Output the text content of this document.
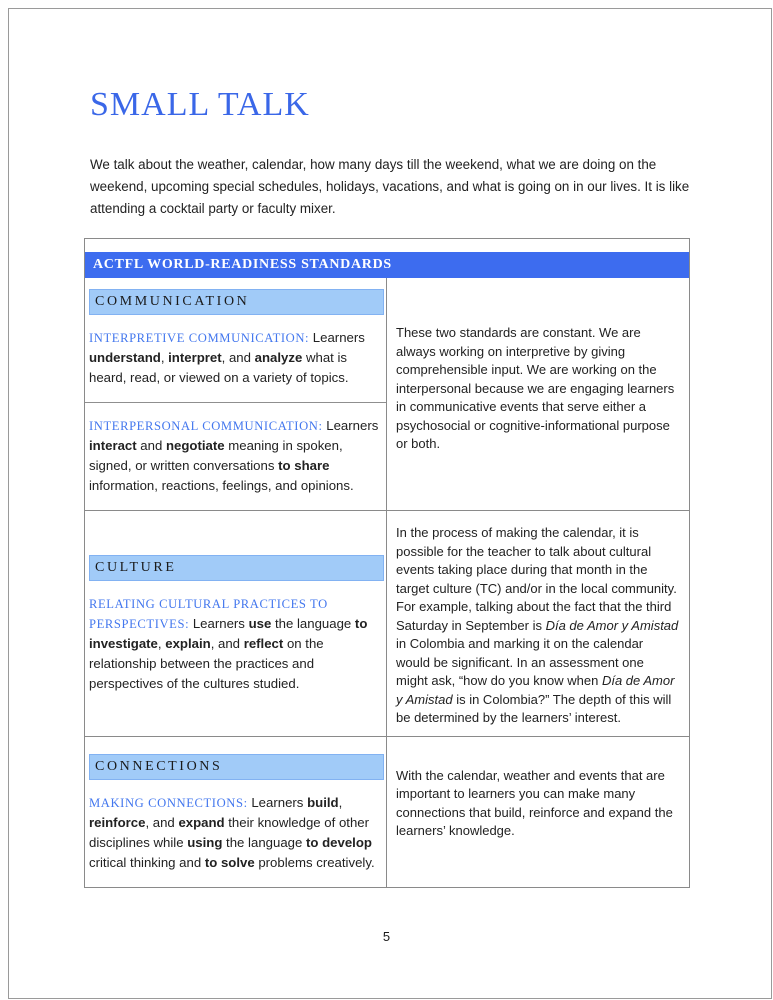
SMALL TALK

We talk about the weather, calendar, how many days till the weekend, what we are doing on the weekend, upcoming special schedules, holidays, vacations, and what is going on in our lives. It is like attending a cocktail party or faculty mixer.

ACTFL WORLD-READINESS STANDARDS
COMMUNICATION

INTERPRETIVE COMMUNICATION: Learners understand, interpret, and analyze what is heard, read, or viewed on a variety of topics.

INTERPERSONAL COMMUNICATION: Learners interact and negotiate meaning in spoken, signed, or written conversations to share information, reactions, feelings, and opinions.

These two standards are constant. We are always working on interpretive by giving comprehensible input. We are working on the interpersonal because we are engaging learners in communicative events that serve either a psychosocial or cognitive-informational purpose or both.

CULTURE

RELATING CULTURAL PRACTICES TO PERSPECTIVES: Learners use the language to investigate, explain, and reflect on the relationship between the practices and perspectives of the cultures studied.

In the process of making the calendar, it is possible for the teacher to talk about cultural events taking place during that month in the target culture (TC) and/or in the local community. For example, talking about the fact that the third Saturday in September is Día de Amor y Amistad in Colombia and marking it on the calendar would be significant. In an assessment one might ask, “how do you know when Día de Amor y Amistad is in Colombia?” The depth of this will be determined by the learners’ interest.

CONNECTIONS

MAKING CONNECTIONS: Learners build, reinforce, and expand their knowledge of other disciplines while using the language to develop critical thinking and to solve problems creatively.

With the calendar, weather and events that are important to learners you can make many connections that build, reinforce and expand the learners’ knowledge.

5
